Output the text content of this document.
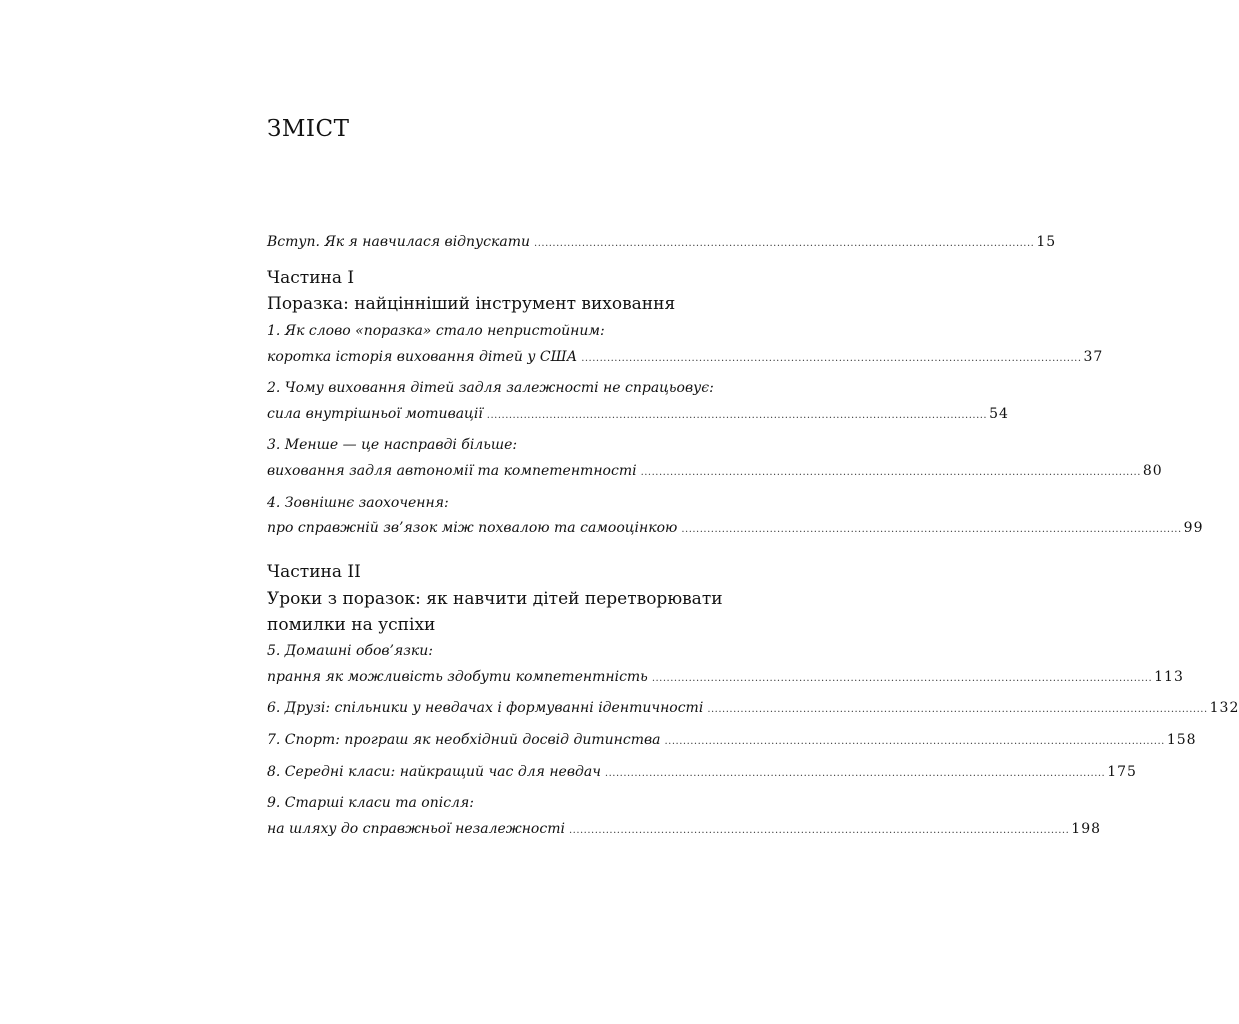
ЗМІСТ
Вступ. Як я навчилася відпускати ........................................................................................................................................ 15
Частина І
Поразка: найцінніший інструмент виховання
1. Як слово «поразка» стало непристойним:
коротка історія виховання дітей у США ........................................................................................................................................ 37
2. Чому виховання дітей задля залежності не спрацьовує:
сила внутрішньої мотивації ........................................................................................................................................ 54
3. Менше — це насправді більше:
виховання задля автономії та компетентності ........................................................................................................................................ 80
4. Зовнішнє заохочення:
про справжній зв’язок між похвалою та самооцінкою ........................................................................................................................................ 99
Частина ІІ
Уроки з поразок: як навчити дітей перетворювати
помилки на успіхи
5. Домашні обов’язки:
прання як можливість здобути компетентність ........................................................................................................................................ 113
6. Друзі: спільники у невдачах і формуванні ідентичності ........................................................................................................................................ 132
7. Спорт: програш як необхідний досвід дитинства ........................................................................................................................................ 158
8. Середні класи: найкращий час для невдач ........................................................................................................................................ 175
9. Старші класи та опісля:
на шляху до справжньої незалежності ........................................................................................................................................ 198
